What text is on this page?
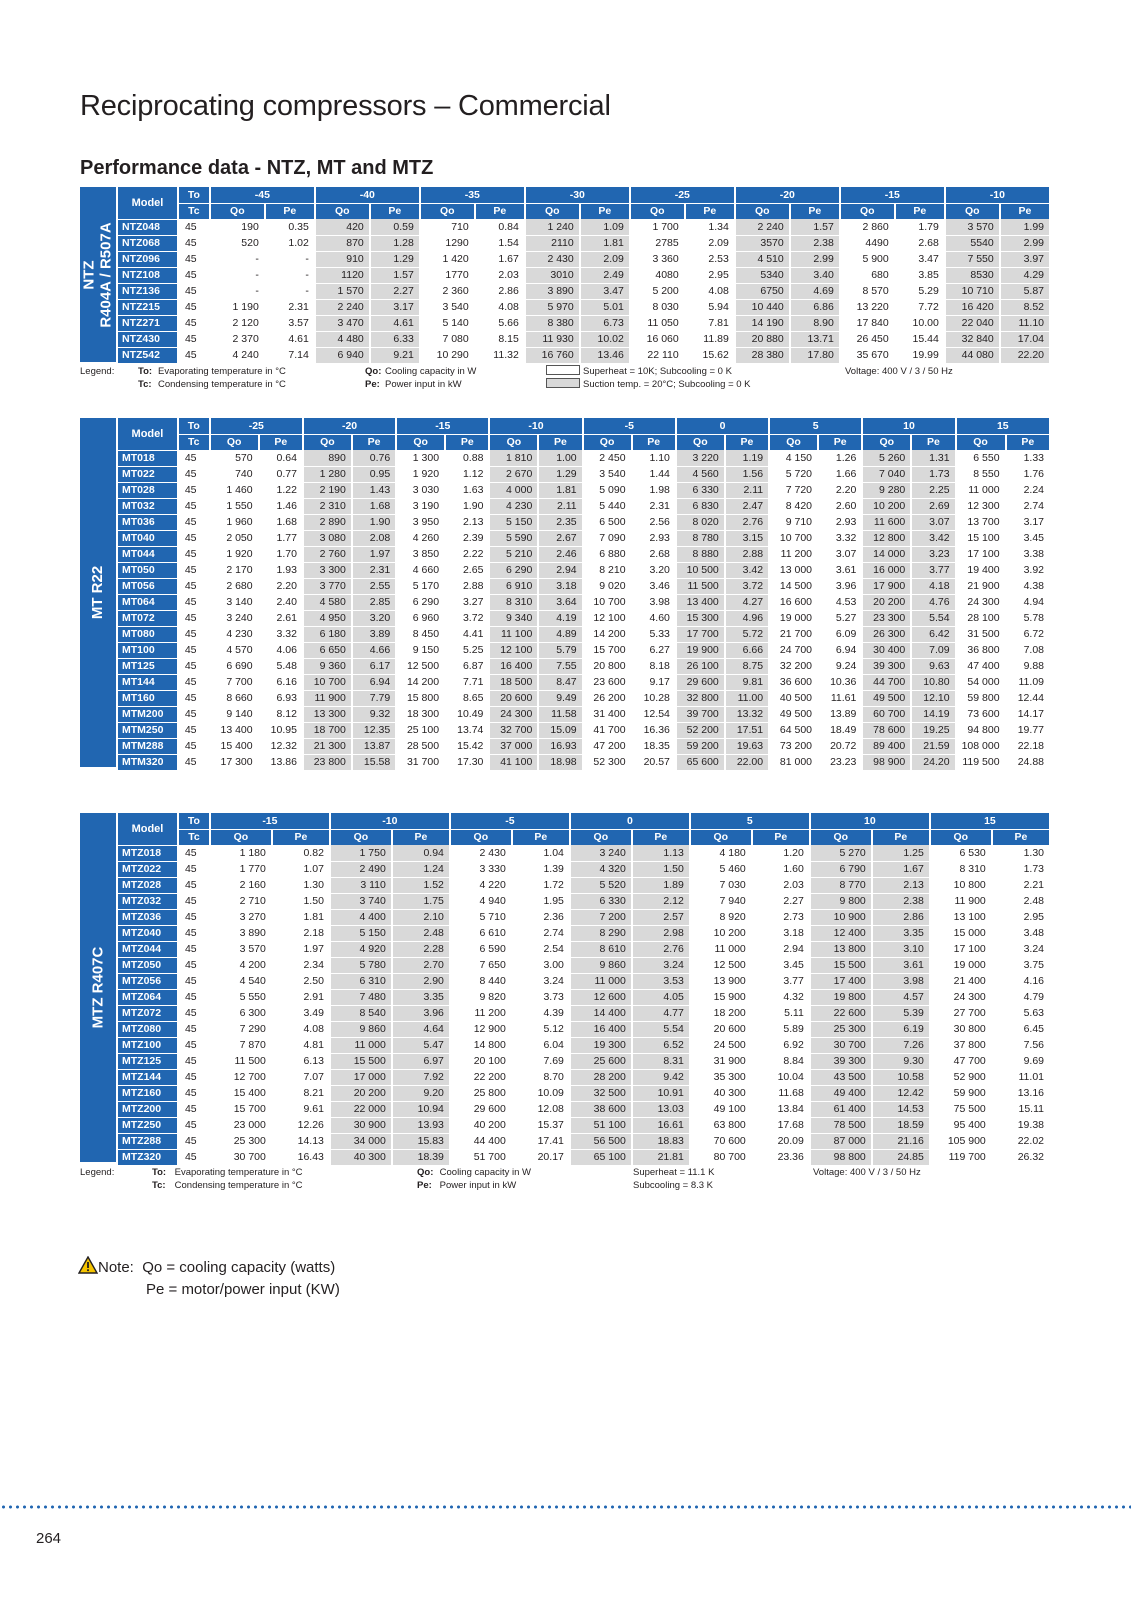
Reciprocating compressors – Commercial
Performance data - NTZ, MT and MTZ
NTZ R404A / R507A
Model	To	-45		-40		-35		-30		-25		-20		-15		-10	
	Tc	Qo	Pe	Qo	Pe	Qo	Pe	Qo	Pe	Qo	Pe	Qo	Pe	Qo	Pe	Qo	Pe
NTZ048	45	190	0.35	420	0.59	710	0.84	1 240	1.09	1 700	1.34	2 240	1.57	2 860	1.79	3 570	1.99
NTZ068	45	520	1.02	870	1.28	1290	1.54	2110	1.81	2785	2.09	3570	2.38	4490	2.68	5540	2.99
NTZ096	45	-	-	910	1.29	1 420	1.67	2 430	2.09	3 360	2.53	4 510	2.99	5 900	3.47	7 550	3.97
NTZ108	45	-	-	1120	1.57	1770	2.03	3010	2.49	4080	2.95	5340	3.40	680	3.85	8530	4.29
NTZ136	45	-	-	1 570	2.27	2 360	2.86	3 890	3.47	5 200	4.08	6750	4.69	8 570	5.29	10 710	5.87
NTZ215	45	1 190	2.31	2 240	3.17	3 540	4.08	5 970	5.01	8 030	5.94	10 440	6.86	13 220	7.72	16 420	8.52
NTZ271	45	2 120	3.57	3 470	4.61	5 140	5.66	8 380	6.73	11 050	7.81	14 190	8.90	17 840	10.00	22 040	11.10
NTZ430	45	2 370	4.61	4 480	6.33	7 080	8.15	11 930	10.02	16 060	11.89	20 880	13.71	26 450	15.44	32 840	17.04
NTZ542	45	4 240	7.14	6 940	9.21	10 290	11.32	16 760	13.46	22 110	15.62	28 380	17.80	35 670	19.99	44 080	22.20
Legend: To: Evaporating temperature in °C
Tc: Condensing temperature in °C
Qo: Cooling capacity in W
Pe: Power input in kW
Superheat = 10K; Subcooling = 0 K
Suction temp. = 20°C; Subcooling = 0 K
Voltage: 400 V / 3 / 50 Hz
MT R22
Model	To	-25		-20		-15		-10		-5		0		5		10		15	
	Tc	Qo	Pe	Qo	Pe	Qo	Pe	Qo	Pe	Qo	Pe	Qo	Pe	Qo	Pe	Qo	Pe	Qo	Pe
MT018	45	570	0.64	890	0.76	1 300	0.88	1 810	1.00	2 450	1.10	3 220	1.19	4 150	1.26	5 260	1.31	6 550	1.33
MT022	45	740	0.77	1 280	0.95	1 920	1.12	2 670	1.29	3 540	1.44	4 560	1.56	5 720	1.66	7 040	1.73	8 550	1.76
MT028	45	1 460	1.22	2 190	1.43	3 030	1.63	4 000	1.81	5 090	1.98	6 330	2.11	7 720	2.20	9 280	2.25	11 000	2.24
MT032	45	1 550	1.46	2 310	1.68	3 190	1.90	4 230	2.11	5 440	2.31	6 830	2.47	8 420	2.60	10 200	2.69	12 300	2.74
MT036	45	1 960	1.68	2 890	1.90	3 950	2.13	5 150	2.35	6 500	2.56	8 020	2.76	9 710	2.93	11 600	3.07	13 700	3.17
MT040	45	2 050	1.77	3 080	2.08	4 260	2.39	5 590	2.67	7 090	2.93	8 780	3.15	10 700	3.32	12 800	3.42	15 100	3.45
MT044	45	1 920	1.70	2 760	1.97	3 850	2.22	5 210	2.46	6 880	2.68	8 880	2.88	11 200	3.07	14 000	3.23	17 100	3.38
MT050	45	2 170	1.93	3 300	2.31	4 660	2.65	6 290	2.94	8 210	3.20	10 500	3.42	13 000	3.61	16 000	3.77	19 400	3.92
MT056	45	2 680	2.20	3 770	2.55	5 170	2.88	6 910	3.18	9 020	3.46	11 500	3.72	14 500	3.96	17 900	4.18	21 900	4.38
MT064	45	3 140	2.40	4 580	2.85	6 290	3.27	8 310	3.64	10 700	3.98	13 400	4.27	16 600	4.53	20 200	4.76	24 300	4.94
MT072	45	3 240	2.61	4 950	3.20	6 960	3.72	9 340	4.19	12 100	4.60	15 300	4.96	19 000	5.27	23 300	5.54	28 100	5.78
MT080	45	4 230	3.32	6 180	3.89	8 450	4.41	11 100	4.89	14 200	5.33	17 700	5.72	21 700	6.09	26 300	6.42	31 500	6.72
MT100	45	4 570	4.06	6 650	4.66	9 150	5.25	12 100	5.79	15 700	6.27	19 900	6.66	24 700	6.94	30 400	7.09	36 800	7.08
MT125	45	6 690	5.48	9 360	6.17	12 500	6.87	16 400	7.55	20 800	8.18	26 100	8.75	32 200	9.24	39 300	9.63	47 400	9.88
MT144	45	7 700	6.16	10 700	6.94	14 200	7.71	18 500	8.47	23 600	9.17	29 600	9.81	36 600	10.36	44 700	10.80	54 000	11.09
MT160	45	8 660	6.93	11 900	7.79	15 800	8.65	20 600	9.49	26 200	10.28	32 800	11.00	40 500	11.61	49 500	12.10	59 800	12.44
MTM200	45	9 140	8.12	13 300	9.32	18 300	10.49	24 300	11.58	31 400	12.54	39 700	13.32	49 500	13.89	60 700	14.19	73 600	14.17
MTM250	45	13 400	10.95	18 700	12.35	25 100	13.74	32 700	15.09	41 700	16.36	52 200	17.51	64 500	18.49	78 600	19.25	94 800	19.77
MTM288	45	15 400	12.32	21 300	13.87	28 500	15.42	37 000	16.93	47 200	18.35	59 200	19.63	73 200	20.72	89 400	21.59	108 000	22.18
MTM320	45	17 300	13.86	23 800	15.58	31 700	17.30	41 100	18.98	52 300	20.57	65 600	22.00	81 000	23.23	98 900	24.20	119 500	24.88
MTZ R407C
Model	To	-15		-10		-5		0		5		10		15	
	Tc	Qo	Pe	Qo	Pe	Qo	Pe	Qo	Pe	Qo	Pe	Qo	Pe	Qo	Pe
MTZ018	45	1 180	0.82	1 750	0.94	2 430	1.04	3 240	1.13	4 180	1.20	5 270	1.25	6 530	1.30
MTZ022	45	1 770	1.07	2 490	1.24	3 330	1.39	4 320	1.50	5 460	1.60	6 790	1.67	8 310	1.73
MTZ028	45	2 160	1.30	3 110	1.52	4 220	1.72	5 520	1.89	7 030	2.03	8 770	2.13	10 800	2.21
MTZ032	45	2 710	1.50	3 740	1.75	4 940	1.95	6 330	2.12	7 940	2.27	9 800	2.38	11 900	2.48
MTZ036	45	3 270	1.81	4 400	2.10	5 710	2.36	7 200	2.57	8 920	2.73	10 900	2.86	13 100	2.95
MTZ040	45	3 890	2.18	5 150	2.48	6 610	2.74	8 290	2.98	10 200	3.18	12 400	3.35	15 000	3.48
MTZ044	45	3 570	1.97	4 920	2.28	6 590	2.54	8 610	2.76	11 000	2.94	13 800	3.10	17 100	3.24
MTZ050	45	4 200	2.34	5 780	2.70	7 650	3.00	9 860	3.24	12 500	3.45	15 500	3.61	19 000	3.75
MTZ056	45	4 540	2.50	6 310	2.90	8 440	3.24	11 000	3.53	13 900	3.77	17 400	3.98	21 400	4.16
MTZ064	45	5 550	2.91	7 480	3.35	9 820	3.73	12 600	4.05	15 900	4.32	19 800	4.57	24 300	4.79
MTZ072	45	6 300	3.49	8 540	3.96	11 200	4.39	14 400	4.77	18 200	5.11	22 600	5.39	27 700	5.63
MTZ080	45	7 290	4.08	9 860	4.64	12 900	5.12	16 400	5.54	20 600	5.89	25 300	6.19	30 800	6.45
MTZ100	45	7 870	4.81	11 000	5.47	14 800	6.04	19 300	6.52	24 500	6.92	30 700	7.26	37 800	7.56
MTZ125	45	11 500	6.13	15 500	6.97	20 100	7.69	25 600	8.31	31 900	8.84	39 300	9.30	47 700	9.69
MTZ144	45	12 700	7.07	17 000	7.92	22 200	8.70	28 200	9.42	35 300	10.04	43 500	10.58	52 900	11.01
MTZ160	45	15 400	8.21	20 200	9.20	25 800	10.09	32 500	10.91	40 300	11.68	49 400	12.42	59 900	13.16
MTZ200	45	15 700	9.61	22 000	10.94	29 600	12.08	38 600	13.03	49 100	13.84	61 400	14.53	75 500	15.11
MTZ250	45	23 000	12.26	30 900	13.93	40 200	15.37	51 100	16.61	63 800	17.68	78 500	18.59	95 400	19.38
MTZ288	45	25 300	14.13	34 000	15.83	44 400	17.41	56 500	18.83	70 600	20.09	87 000	21.16	105 900	22.02
MTZ320	45	30 700	16.43	40 300	18.39	51 700	20.17	65 100	21.81	80 700	23.36	98 800	24.85	119 700	26.32
Legend:	To: Evaporating temperature in °C
Tc: Condensing temperature in °C
Qo: Cooling capacity in W
Pe: Power input in kW
Superheat = 11.1 K
Subcooling = 8.3 K
Voltage: 400 V / 3 / 50 Hz
Note: Qo = cooling capacity (watts)
Pe = motor/power input (KW)
264
